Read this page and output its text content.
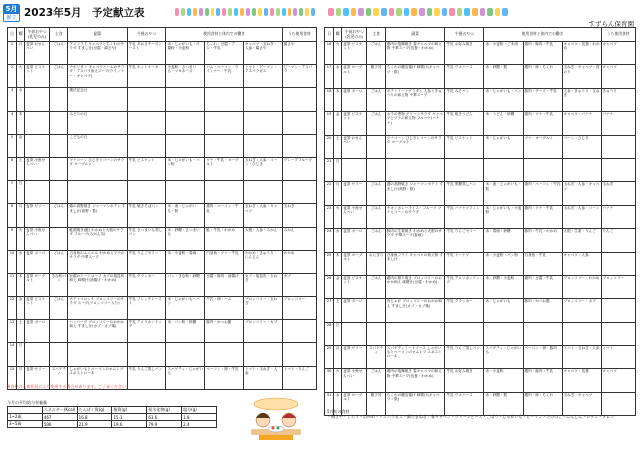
5月
献立 2023年5月　予定献立表
すずらん保育園
日	曜	午前おやつ(乳児のみ)	主食	副菜	午後おやつ	使用食材と体内での働き			うち使用食材
1	月	麦茶 おせんべい	ごはん	アジフライ キャベツとちくわのサラダ すまし汁(豆腐・絹さや)	牛乳 あおさチーズトースト	米・じゃがいも・片栗粉・小麦粉	ちくわ・豆腐・アジ・牛乳	キャベツ・玉ねぎ・人参・絹さや	絹さや
2	火	麦茶 ビスケット	ごはん	ナポリタン キャベツとハムのサラダ・アスパラ添えスープ(ウインナー・キャベツ)	牛乳 ホットケーキ	小麦粉・さつまいも・マヨネーズ	ハム・ベーコン・ウインナー・牛乳	トマト・ピーマン・アスパラガス	ピーマン・アスパラ
3	水			憲法記念日					
4	木			みどりの日					
5	金			こどもの日					
6	土	麦茶 小魚せんべい		ツナコーン ひじきとコーンのサラダ ヨーグルト	牛乳 ビスケット	米・じゃがいも・パン粉	ツナ・牛乳・ヨーグルト	玉ねぎ・人参・コーン・ひじき	グレープフルーツ
7	日								
8	月	麦茶 ゼリー	ごはん	鶏の高野焼き ジャーマンポテト すまし汁(高野・麩)	牛乳 焼きそばパン	米・油・じゃがいも・麩	鶏肉・ベーコン・牛乳	玉ねぎ・人参・キャベツ	玉ねぎ
9	火	麦茶 小魚せんべい		鮭照焼き(鮭) わかめと大根のサラダ フルーツ(みかん缶)	牛乳 さつまいも蒸しパン	米・砂糖・さつまいも	鮭・牛乳・わかめ	大根・人参・みかん	みかん
10	水	麦茶 ボーロ	ごはん	白身魚のムニエル わかめとツナのサラダ 中華スープ	牛乳 りんごゼリー	米・小麦粉・春雨	白身魚・ツナ・牛乳	わかめ・きゅうり・にんじん	わかめ
11	木	麦茶 ヨーグルト	きな粉パン	豆腐のミートローフ カブの塩昆布和え 味噌汁(油揚げ・わかめ)	牛乳 クラッカー	パン・きな粉・砂糖	豆腐・豚肉・油揚げ	カブ・塩昆布・玉ねぎ	カブ
12	金	麦茶 ビスケット	ごはん	ポテトコロッケ ブロッコリーのサラダ スープ(ブロッコリー入り)	牛乳 フレンチトースト	米・じゃがいも・パン	牛乳・卵・ハム	ブロッコリー・玉ねぎ	ブロッコリー
13	土	麦茶 ボーロ		ハンバーグ ブロッコリーのおかか和え すまし汁(カブ・カブ葉)	牛乳 アメリカンドッグ	米・パン粉・砂糖	豚肉・かつお節	ブロッコリー・カブ	
14	日								
15	月	麦茶 ゼリー	スパゲティ	しゃがいもとベーコンのオムレツ エネストローネ	牛乳 りんご蒸しパン	スパゲティ・じゃがいも	ベーコン・卵・牛乳	トマト・玉ねぎ・人参	トマト・りんご
日	曜	午前おやつ(乳児のみ)	主食	副菜	午後おやつ	使用食材と体内での働き			うち使用食材
16	火	麦茶 ビスケット	ごはん	鶏肉の塩麹焼き 春キャベツの和え物 中華スープ(長葱・わかめ)	牛乳 お好み焼き	米・小麦粉・ごま油	鶏肉・豚肉・牛乳	キャベツ・長葱・わかめ	キャベツ
17	水	麦茶 ヨーグルト	親子丼	ちくわの磯辺揚げ 味噌汁(キャベツ・麩)	牛乳 ウエハース	米・砂糖・麩	鶏肉・卵・ちくわ	玉ねぎ・キャベツ・青のり	キャベツ
18	木	麦茶 ボーロ	ごはん	ポテトミートグラタン 人参ときゅうりの和え物 中華スープ	牛乳 みそパン	米・じゃがいも・パン	豚肉・チーズ・牛乳	人参・きゅうり・玉ねぎ	きゅうり
19	金	麦茶 ビスケット	ごはん	カラの煮物 グリーンサラダ キャベツとツナの和え物 フルーツ(バナナ)	牛乳 焼きうどん	米・うどん・砂糖	鶏肉・ツナ・牛乳	キャベツ・バナナ	バナナ
20	土	麦茶 おせんべい		ツナコーン ひじきとコーンのサラダ ヨーグルト	牛乳 ビスケット	米・じゃがいも	ツナ・ヨーグルト	コーン・ひじき	
21	日								
22	月	麦茶 ゼリー	ごはん	鶏の高野焼き ジャーマンポテト すまし汁(高野・麩)	牛乳 黒糖蒸しパン	米・油・じゃがいも・麩	鶏肉・ベーコン・牛乳	玉ねぎ・人参・キャベツ	玉ねぎ
23	火	麦茶 小魚せんべい	ごはん	チキンカレーライス・フルーツ ツナとコーンのサラダ	牛乳 バナナマフィン	米・じゃがいも・小麦粉	鶏肉・ツナ・牛乳	玉ねぎ・人参・コーン	バナナ
24	水	麦茶 ボーロ	ごはん	豚肉の生姜焼き わかめと大根のサラダ 中華スープ(春雨)	牛乳 りんごゼリー	米・春雨・砂糖	豚肉・牛乳・わかめ	大根・生姜・りんご	りんご
25	木	麦茶 ヨーグルト	おにぎり	白身魚フライ キャベツの和え物 すまし汁	牛乳 ドーナツ	米・小麦粉・パン粉	白身魚・牛乳	キャベツ・人参	
26	金	麦茶 ビスケット	ごはん	鶏肉の照り焼き ブロッコリーのおかか和え 味噌汁(豆腐・わかめ)	牛乳 アメリカンドッグ	米・砂糖・小麦粉	鶏肉・豆腐・牛乳	ブロッコリー・わかめ	ブロッコリー
27	土	麦茶 ボーロ		肉じゃが ブロッコリーのおかか和え すまし汁(カブ・カブ葉)	牛乳 クラッカー	米・じゃがいも	豚肉・かつお節	ブロッコリー・カブ	
28	日								
29	月	麦茶 ゼリー	スパゲティ	スパゲティミートソース しゃがいもとベーコンのオムレツ エネストローネ	牛乳 りんご蒸しパン	スパゲティ・じゃがいも	ベーコン・卵・豚肉	トマト・玉ねぎ・人参	トマト
30	火	麦茶 小魚せんべい	ごはん	鶏肉の塩麹焼き 春キャベツの和え物 中華スープ(長葱・わかめ)	牛乳 お好み焼き	米・小麦粉	鶏肉・豚肉・牛乳	キャベツ・長葱	キャベツ
31	水	麦茶 ヨーグルト	親子丼	ちくわの磯辺揚げ 味噌汁(キャベツ・麩)	牛乳 ウエハース	米・砂糖・麩	鶏肉・卵・ちくわ	玉ねぎ・キャベツ	
※食材の入荷状況により変更する場合があります。ご了承ください。
今月の平均給与栄養量
	エネルギー(Kcal)	たんぱく質(g)	脂質(g)	炭水化物(g)	塩分(g)
1~2歳	467	16.8	15.1	63.6	1.8
3~5歳	596	21.9	19.6	79.9	2.4
5月旬の食材
・絹さや・しらす・わかめ・アスパラガス・新たまねぎ・春キャベツ・グリーンピース・ごぼう・じゃがいも・ピーマン・たけのこ・にんじん・レタス・メロン
